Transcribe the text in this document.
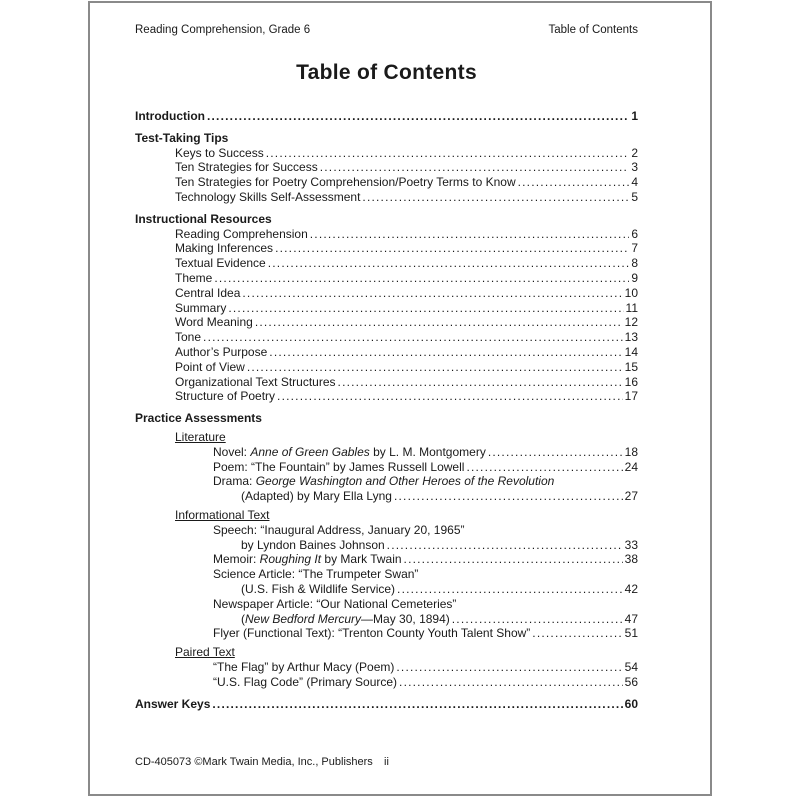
Reading Comprehension, Grade 6	Table of Contents
Table of Contents
Introduction .....	1
Test-Taking Tips
Keys to Success .....	2
Ten Strategies for Success .....	3
Ten Strategies for Poetry Comprehension/Poetry Terms to Know .....	4
Technology Skills Self-Assessment .....	5
Instructional Resources
Reading Comprehension .....	6
Making Inferences .....	7
Textual Evidence .....	8
Theme .....	9
Central Idea .....	10
Summary .....	11
Word Meaning .....	12
Tone .....	13
Author’s Purpose .....	14
Point of View .....	15
Organizational Text Structures .....	16
Structure of Poetry .....	17
Practice Assessments
Literature
Novel: Anne of Green Gables by L. M. Montgomery .....	18
Poem: “The Fountain” by James Russell Lowell .....	24
Drama: George Washington and Other Heroes of the Revolution
(Adapted) by Mary Ella Lyng .....	27
Informational Text
Speech: “Inaugural Address, January 20, 1965”
by Lyndon Baines Johnson .....	33
Memoir: Roughing It by Mark Twain .....	38
Science Article: “The Trumpeter Swan”
(U.S. Fish & Wildlife Service) .....	42
Newspaper Article: “Our National Cemeteries”
(New Bedford Mercury—May 30, 1894) .....	47
Flyer (Functional Text): “Trenton County Youth Talent Show” .....	51
Paired Text
“The Flag” by Arthur Macy (Poem) .....	54
“U.S. Flag Code” (Primary Source) .....	56
Answer Keys .....	60
ii
CD-405073 ©Mark Twain Media, Inc., Publishers
